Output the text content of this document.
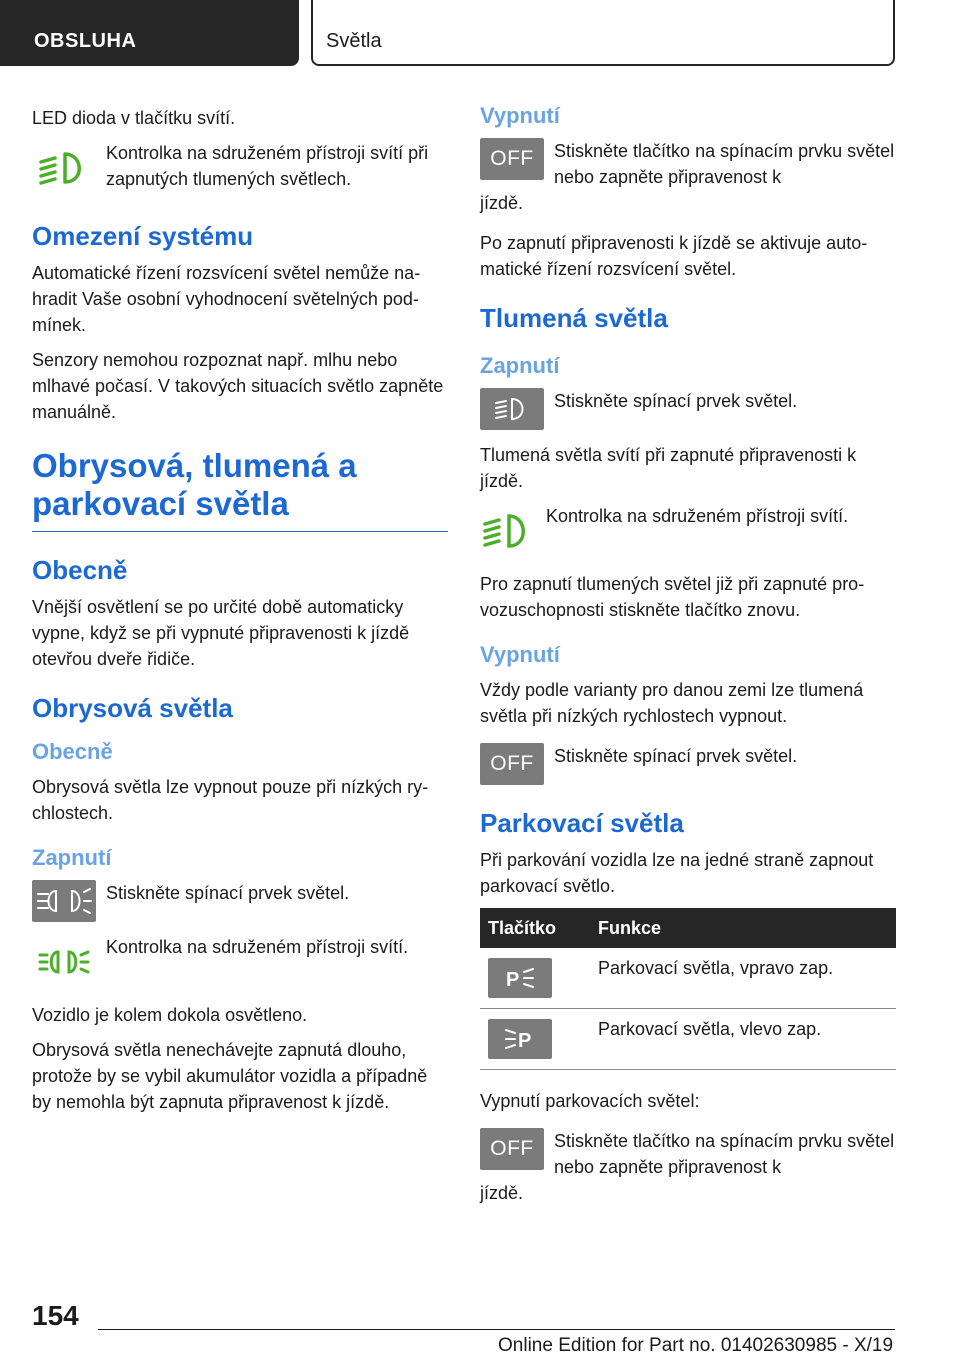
OBSLUHA	Světla

LED dioda v tlačítku svítí.

Kontrolka na sdruženém přístroji svítí při zapnutých tlumených světlech.

Omezení systému

Automatické řízení rozsvícení světel nemůže nahradit Vaše osobní vyhodnocení světelných podmínek.

Senzory nemohou rozpoznat např. mlhu nebo mlhavé počasí. V takových situacích světlo zapněte manuálně.

Obrysová, tlumená a parkovací světla
Obecně

Vnější osvětlení se po určité době automaticky vypne, když se při vypnuté připravenosti k jízdě otevřou dveře řidiče.

Obrysová světla
Obecně

Obrysová světla lze vypnout pouze při nízkých rychlostech.

Zapnutí

Stiskněte spínací prvek světel.

Kontrolka na sdruženém přístroji svítí.

Vozidlo je kolem dokola osvětleno.

Obrysová světla nenechávejte zapnutá dlouho, protože by se vybil akumulátor vozidla a případně by nemohla být zapnuta připravenost k jízdě.

Vypnutí
OFF	Stiskněte tlačítko na spínacím prvku světel nebo zapněte připravenost k

jízdě.

Po zapnutí připravenosti k jízdě se aktivuje automatické řízení rozsvícení světel.

Tlumená světla
Zapnutí

Stiskněte spínací prvek světel.

Tlumená světla svítí při zapnuté připravenosti k jízdě.

Kontrolka na sdruženém přístroji svítí.

Pro zapnutí tlumených světel již při zapnuté provozuschopnosti stiskněte tlačítko znovu.

Vypnutí

Vždy podle varianty pro danou zemi lze tlumená světla při nízkých rychlostech vypnout.

OFF	Stiskněte spínací prvek světel.

Parkovací světla

Při parkování vozidla lze na jedné straně zapnout parkovací světlo.

Tlačítko	Funkce

P	Parkovací světla, vpravo zap.

P	Parkovací světla, vlevo zap.

Vypnutí parkovacích světel:

OFF	Stiskněte tlačítko na spínacím prvku světel nebo zapněte připravenost k

jízdě.

154
Online Edition for Part no. 01402630985 - X/19
